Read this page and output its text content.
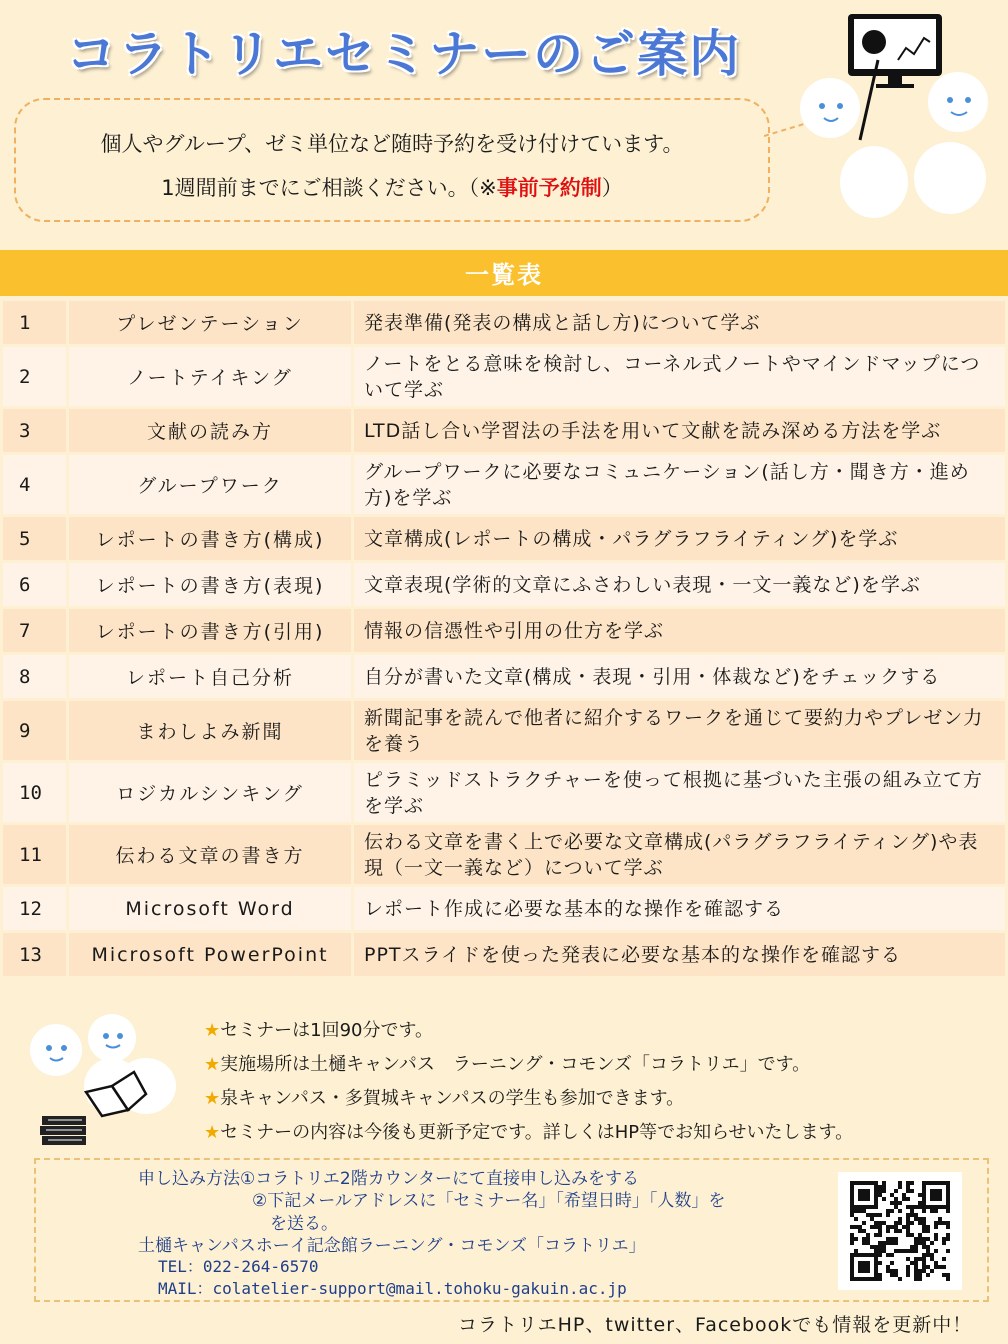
コラトリエセミナーのご案内
個人やグループ、ゼミ単位など随時予約を受け付けています。
1週間前までにご相談ください。（※事前予約制）
一覧表
1	プレゼンテーション	発表準備(発表の構成と話し方)について学ぶ
2	ノートテイキング	ノートをとる意味を検討し、コーネル式ノートやマインドマップについて学ぶ
3	文献の読み方	LTD話し合い学習法の手法を用いて文献を読み深める方法を学ぶ
4	グループワーク	グループワークに必要なコミュニケーション(話し方・聞き方・進め方)を学ぶ
5	レポートの書き方(構成)	文章構成(レポートの構成・パラグラフライティング)を学ぶ
6	レポートの書き方(表現)	文章表現(学術的文章にふさわしい表現・一文一義など)を学ぶ
7	レポートの書き方(引用)	情報の信憑性や引用の仕方を学ぶ
8	レポート自己分析	自分が書いた文章(構成・表現・引用・体裁など)をチェックする
9	まわしよみ新聞	新聞記事を読んで他者に紹介するワークを通じて要約力やプレゼン力を養う
10	ロジカルシンキング	ピラミッドストラクチャーを使って根拠に基づいた主張の組み立て方を学ぶ
11	伝わる文章の書き方	伝わる文章を書く上で必要な文章構成(パラグラフライティング)や表現（一文一義など）について学ぶ
12	Microsoft Word	レポート作成に必要な基本的な操作を確認する
13	Microsoft PowerPoint	PPTスライドを使った発表に必要な基本的な操作を確認する
★セミナーは1回90分です。
★実施場所は土樋キャンパス　ラーニング・コモンズ「コラトリエ」です。
★泉キャンパス・多賀城キャンパスの学生も参加できます。
★セミナーの内容は今後も更新予定です。詳しくはHP等でお知らせいたします。
申し込み方法①コラトリエ2階カウンターにて直接申し込みをする
②下記メールアドレスに「セミナー名」「希望日時」「人数」を
を送る。
土樋キャンパスホーイ記念館ラーニング・コモンズ「コラトリエ」
TEL：022-264-6570
MAIL：colatelier-support@mail.tohoku-gakuin.ac.jp
コラトリエHP、twitter、Facebookでも情報を更新中！
